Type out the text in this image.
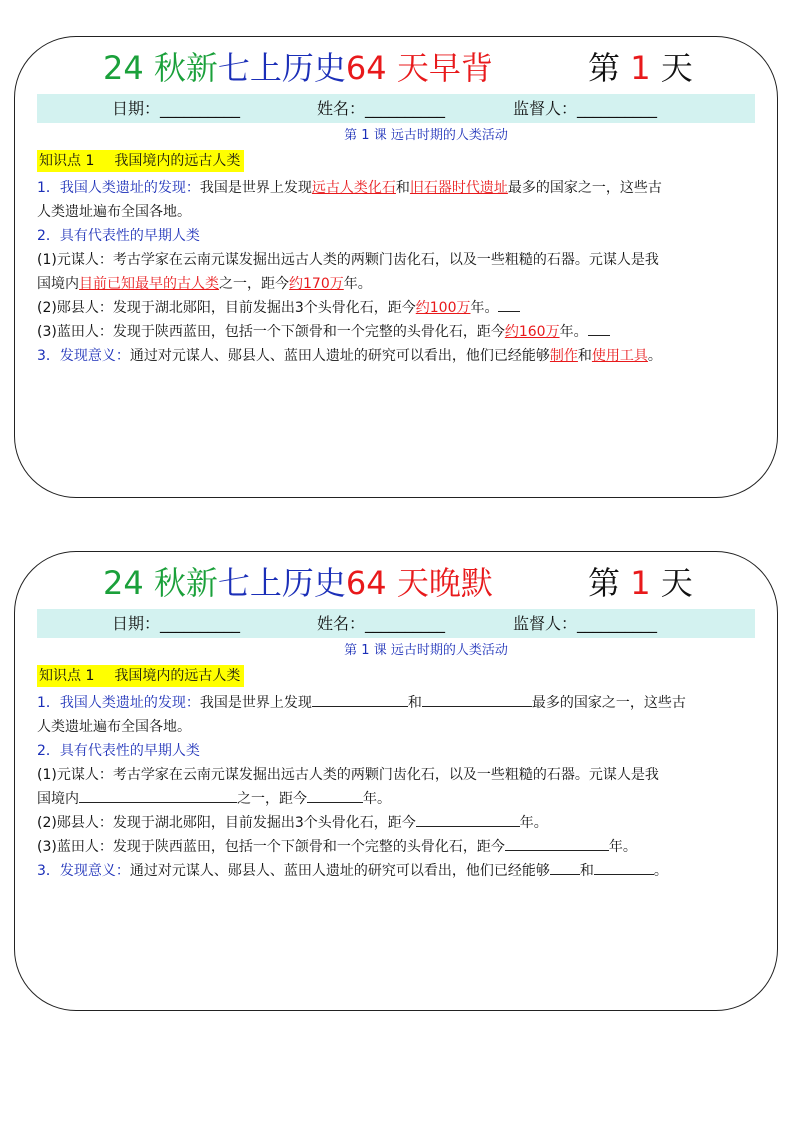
24 秋新七上历史64 天早背	第 1 天
日期：__________	姓名：__________	监督人：__________
第 1 课 远古时期的人类活动
知识点 1 我国境内的远古人类

1．我国人类遗址的发现：我国是世界上发现远古人类化石和旧石器时代遗址最多的国家之一，这些古

人类遗址遍布全国各地。

2．具有代表性的早期人类

(1)元谋人：考古学家在云南元谋发掘出远古人类的两颗门齿化石，以及一些粗糙的石器。元谋人是我

国境内目前已知最早的古人类之一，距今约170万年。

(2)郧县人：发现于湖北郧阳，目前发掘出3个头骨化石，距今约100万年。

(3)蓝田人：发现于陕西蓝田，包括一个下颌骨和一个完整的头骨化石，距今约160万年。

3．发现意义：通过对元谋人、郧县人、蓝田人遗址的研究可以看出，他们已经能够制作和使用工具。

24 秋新七上历史64 天晚默	第 1 天
日期：__________	姓名：__________	监督人：__________
第 1 课 远古时期的人类活动
知识点 1 我国境内的远古人类

1．我国人类遗址的发现：我国是世界上发现	和	最多的国家之一，这些古

人类遗址遍布全国各地。

2．具有代表性的早期人类

(1)元谋人：考古学家在云南元谋发掘出远古人类的两颗门齿化石，以及一些粗糙的石器。元谋人是我

国境内	之一，距今	年。

(2)郧县人：发现于湖北郧阳，目前发掘出3个头骨化石，距今	年。

(3)蓝田人：发现于陕西蓝田，包括一个下颌骨和一个完整的头骨化石，距今	年。

3．发现意义：通过对元谋人、郧县人、蓝田人遗址的研究可以看出，他们已经能够 和	。
